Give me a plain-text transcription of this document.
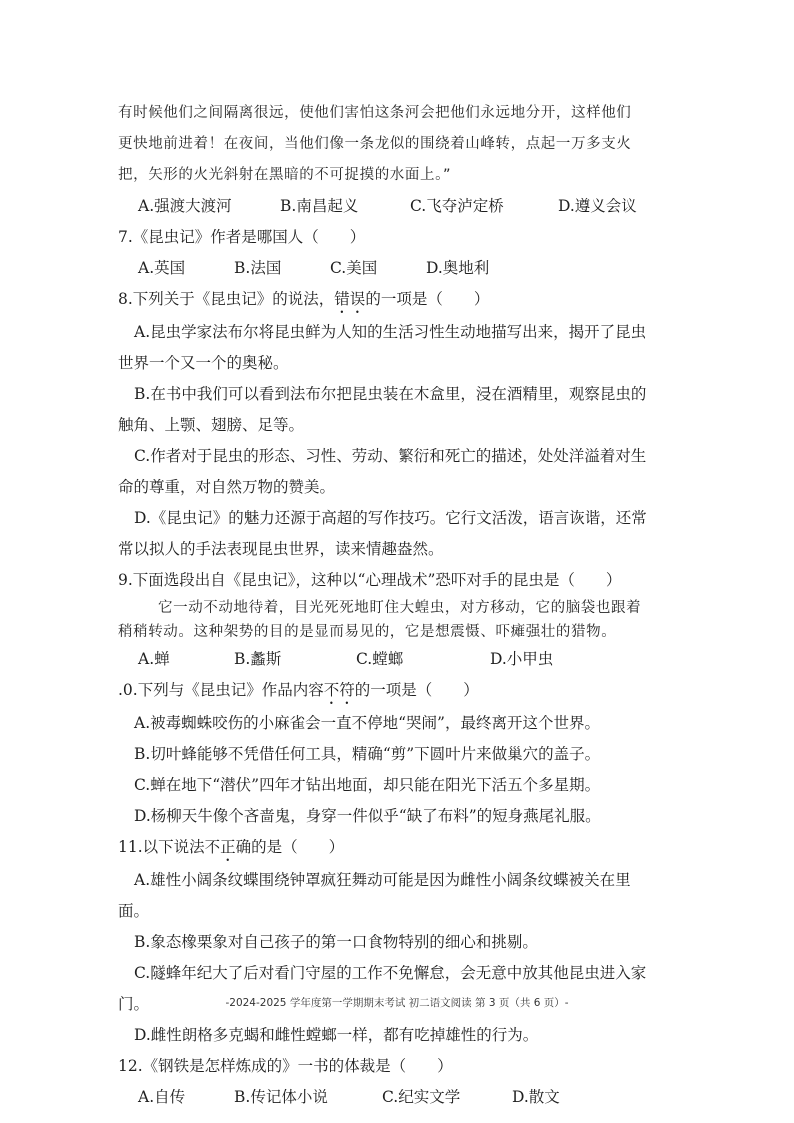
有时候他们之间隔离很远，使他们害怕这条河会把他们永远地分开，这样他们
更快地前进着！在夜间，当他们像一条龙似的围绕着山峰转，点起一万多支火
把，矢形的火光斜射在黑暗的不可捉摸的水面上。”
A.强渡大渡河	B.南昌起义	C.飞夺泸定桥	D.遵义会议
7.《昆虫记》作者是哪国人（　　）
A.英国	B.法国	C.美国	D.奥地利
8.下列关于《昆虫记》的说法，错误的一项是（　　）
A.昆虫学家法布尔将昆虫鲜为人知的生活习性生动地描写出来，揭开了昆虫
世界一个又一个的奥秘。
B.在书中我们可以看到法布尔把昆虫装在木盒里，浸在酒精里，观察昆虫的
触角、上颚、翅膀、足等。
C.作者对于昆虫的形态、习性、劳动、繁衍和死亡的描述，处处洋溢着对生
命的尊重，对自然万物的赞美。
D.《昆虫记》的魅力还源于高超的写作技巧。它行文活泼，语言诙谐，还常
常以拟人的手法表现昆虫世界，读来情趣盎然。
9.下面选段出自《昆虫记》，这种以“心理战术”恐吓对手的昆虫是（　　）
它一动不动地待着，目光死死地盯住大蝗虫，对方移动，它的脑袋也跟着
稍稍转动。这种架势的目的是显而易见的，它是想震慑、吓瘫强壮的猎物。
A.蝉	B.蠡斯	C.螳螂	D.小甲虫
.0.下列与《昆虫记》作品内容不符的一项是（　　）
A.被毒蜘蛛咬伤的小麻雀会一直不停地“哭闹”，最终离开这个世界。
B.切叶蜂能够不凭借任何工具，精确“剪”下圆叶片来做巢穴的盖子。
C.蝉在地下“潜伏”四年才钻出地面，却只能在阳光下活五个多星期。
D.杨柳天牛像个吝啬鬼，身穿一件似乎“缺了布料”的短身燕尾礼服。
11.以下说法不正确的是（　　）
A.雄性小阔条纹蝶围绕钟罩疯狂舞动可能是因为雌性小阔条纹蝶被关在里
面。
B.象态橡栗象对自己孩子的第一口食物特别的细心和挑剔。
C.隧蜂年纪大了后对看门守屋的工作不免懈怠，会无意中放其他昆虫进入家
门。
D.雌性朗格多克蝎和雌性螳螂一样，都有吃掉雄性的行为。
12.《钢铁是怎样炼成的》一书的体裁是（　　）
A.自传	B.传记体小说	C.纪实文学	D.散文
-2024-2025 学年度第一学期期末考试 初二语文阅读 第 3 页（共 6 页）-
